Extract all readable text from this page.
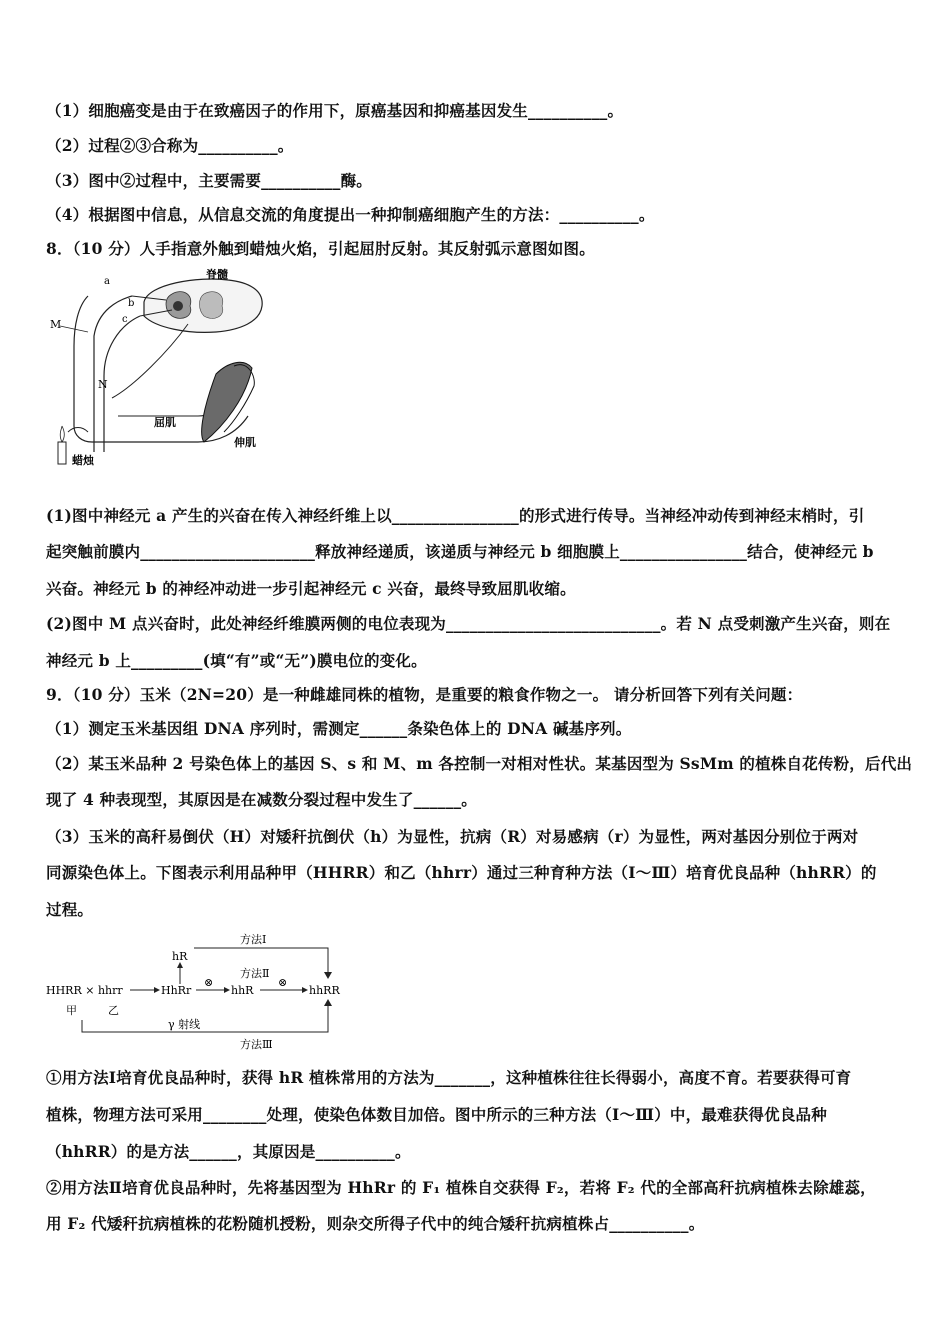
（1）细胞癌变是由于在致癌因子的作用下，原癌基因和抑癌基因发生__________。
（2）过程②③合称为__________。
（3）图中②过程中，主要需要__________酶。
（4）根据图中信息，从信息交流的角度提出一种抑制癌细胞产生的方法：__________。
8．（10 分）人手指意外触到蜡烛火焰，引起屈肘反射。其反射弧示意图如图。
脊髓
a
b
c
M
N
屈肌
伸肌
蜡烛
(1)图中神经元 a 产生的兴奋在传入神经纤维上以________________的形式进行传导。当神经冲动传到神经末梢时，引
起突触前膜内______________________释放神经递质，该递质与神经元 b 细胞膜上________________结合，使神经元 b
兴奋。神经元 b 的神经冲动进一步引起神经元 c 兴奋，最终导致屈肌收缩。
(2)图中 M 点兴奋时，此处神经纤维膜两侧的电位表现为___________________________。若 N 点受刺激产生兴奋，则在
神经元 b 上_________(填“有”或“无”)膜电位的变化。
9．（10 分）玉米（2N=20）是一种雌雄同株的植物，是重要的粮食作物之一。 请分析回答下列有关问题：
（1）测定玉米基因组 DNA 序列时，需测定______条染色体上的 DNA 碱基序列。
（2）某玉米品种 2 号染色体上的基因 S、s 和 M、m 各控制一对相对性状。某基因型为 SsMm 的植株自花传粉，后代出
现了 4 种表现型，其原因是在减数分裂过程中发生了______。
（3）玉米的高秆易倒伏（H）对矮秆抗倒伏（h）为显性，抗病（R）对易感病（r）为显性，两对基因分别位于两对
同源染色体上。下图表示利用品种甲（HHRR）和乙（hhrr）通过三种育种方法（Ⅰ～Ⅲ）培育优良品种（hhRR）的
过程。
方法Ⅰ
hR
HHRR × hhrr	HhRr
⊗
方法Ⅱ
hhR
⊗
hhRR
甲	乙
γ 射线
方法Ⅲ
①用方法Ⅰ培育优良品种时，获得 hR 植株常用的方法为_______，这种植株往往长得弱小，高度不育。若要获得可育
植株，物理方法可采用________处理，使染色体数目加倍。图中所示的三种方法（Ⅰ～Ⅲ）中，最难获得优良品种
（hhRR）的是方法______，其原因是__________。
②用方法Ⅱ培育优良品种时，先将基因型为 HhRr 的 F₁ 植株自交获得 F₂，若将 F₂ 代的全部高秆抗病植株去除雄蕊，
用 F₂ 代矮秆抗病植株的花粉随机授粉，则杂交所得子代中的纯合矮秆抗病植株占__________。
